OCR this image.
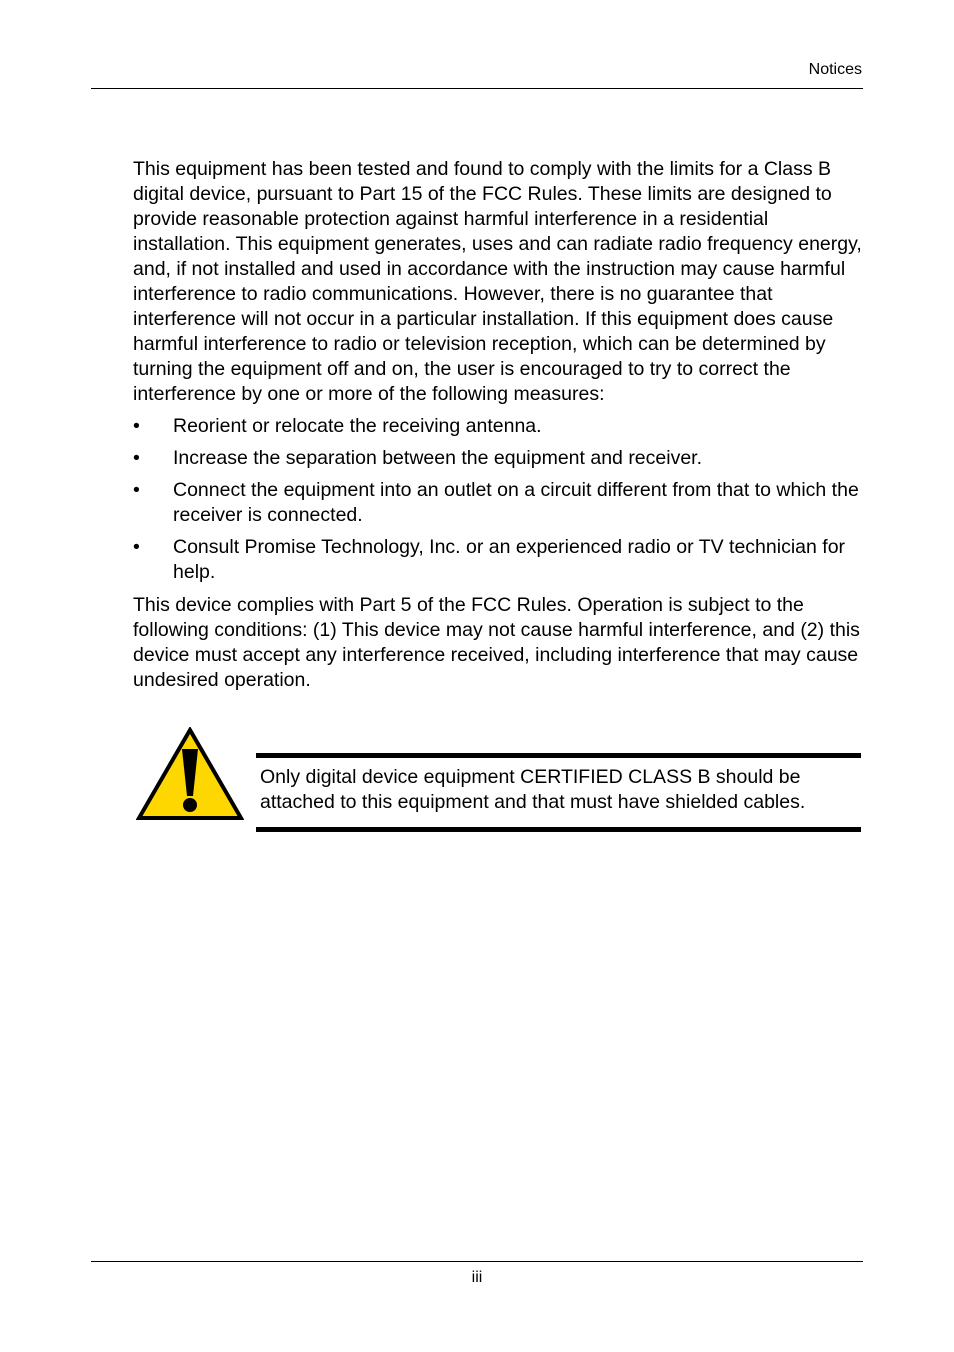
Notices

This equipment has been tested and found to comply with the limits for a Class B digital device, pursuant to Part 15 of the FCC Rules. These limits are designed to provide reasonable protection against harmful interference in a residential installation. This equipment generates, uses and can radiate radio frequency energy, and, if not installed and used in accordance with the instruction may cause harmful interference to radio communications. However, there is no guarantee that interference will not occur in a particular installation. If this equipment does cause harmful interference to radio or television reception, which can be determined by turning the equipment off and on, the user is encouraged to try to correct the interference by one or more of the following measures:

• Reorient or relocate the receiving antenna.
• Increase the separation between the equipment and receiver.
• Connect the equipment into an outlet on a circuit different from that to which the receiver is connected.
• Consult Promise Technology, Inc. or an experienced radio or TV technician for help.

This device complies with Part 5 of the FCC Rules. Operation is subject to the following conditions: (1) This device may not cause harmful interference, and (2) this device must accept any interference received, including interference that may cause undesired operation.

Only digital device equipment CERTIFIED CLASS B should be attached to this equipment and that must have shielded cables.
iii
